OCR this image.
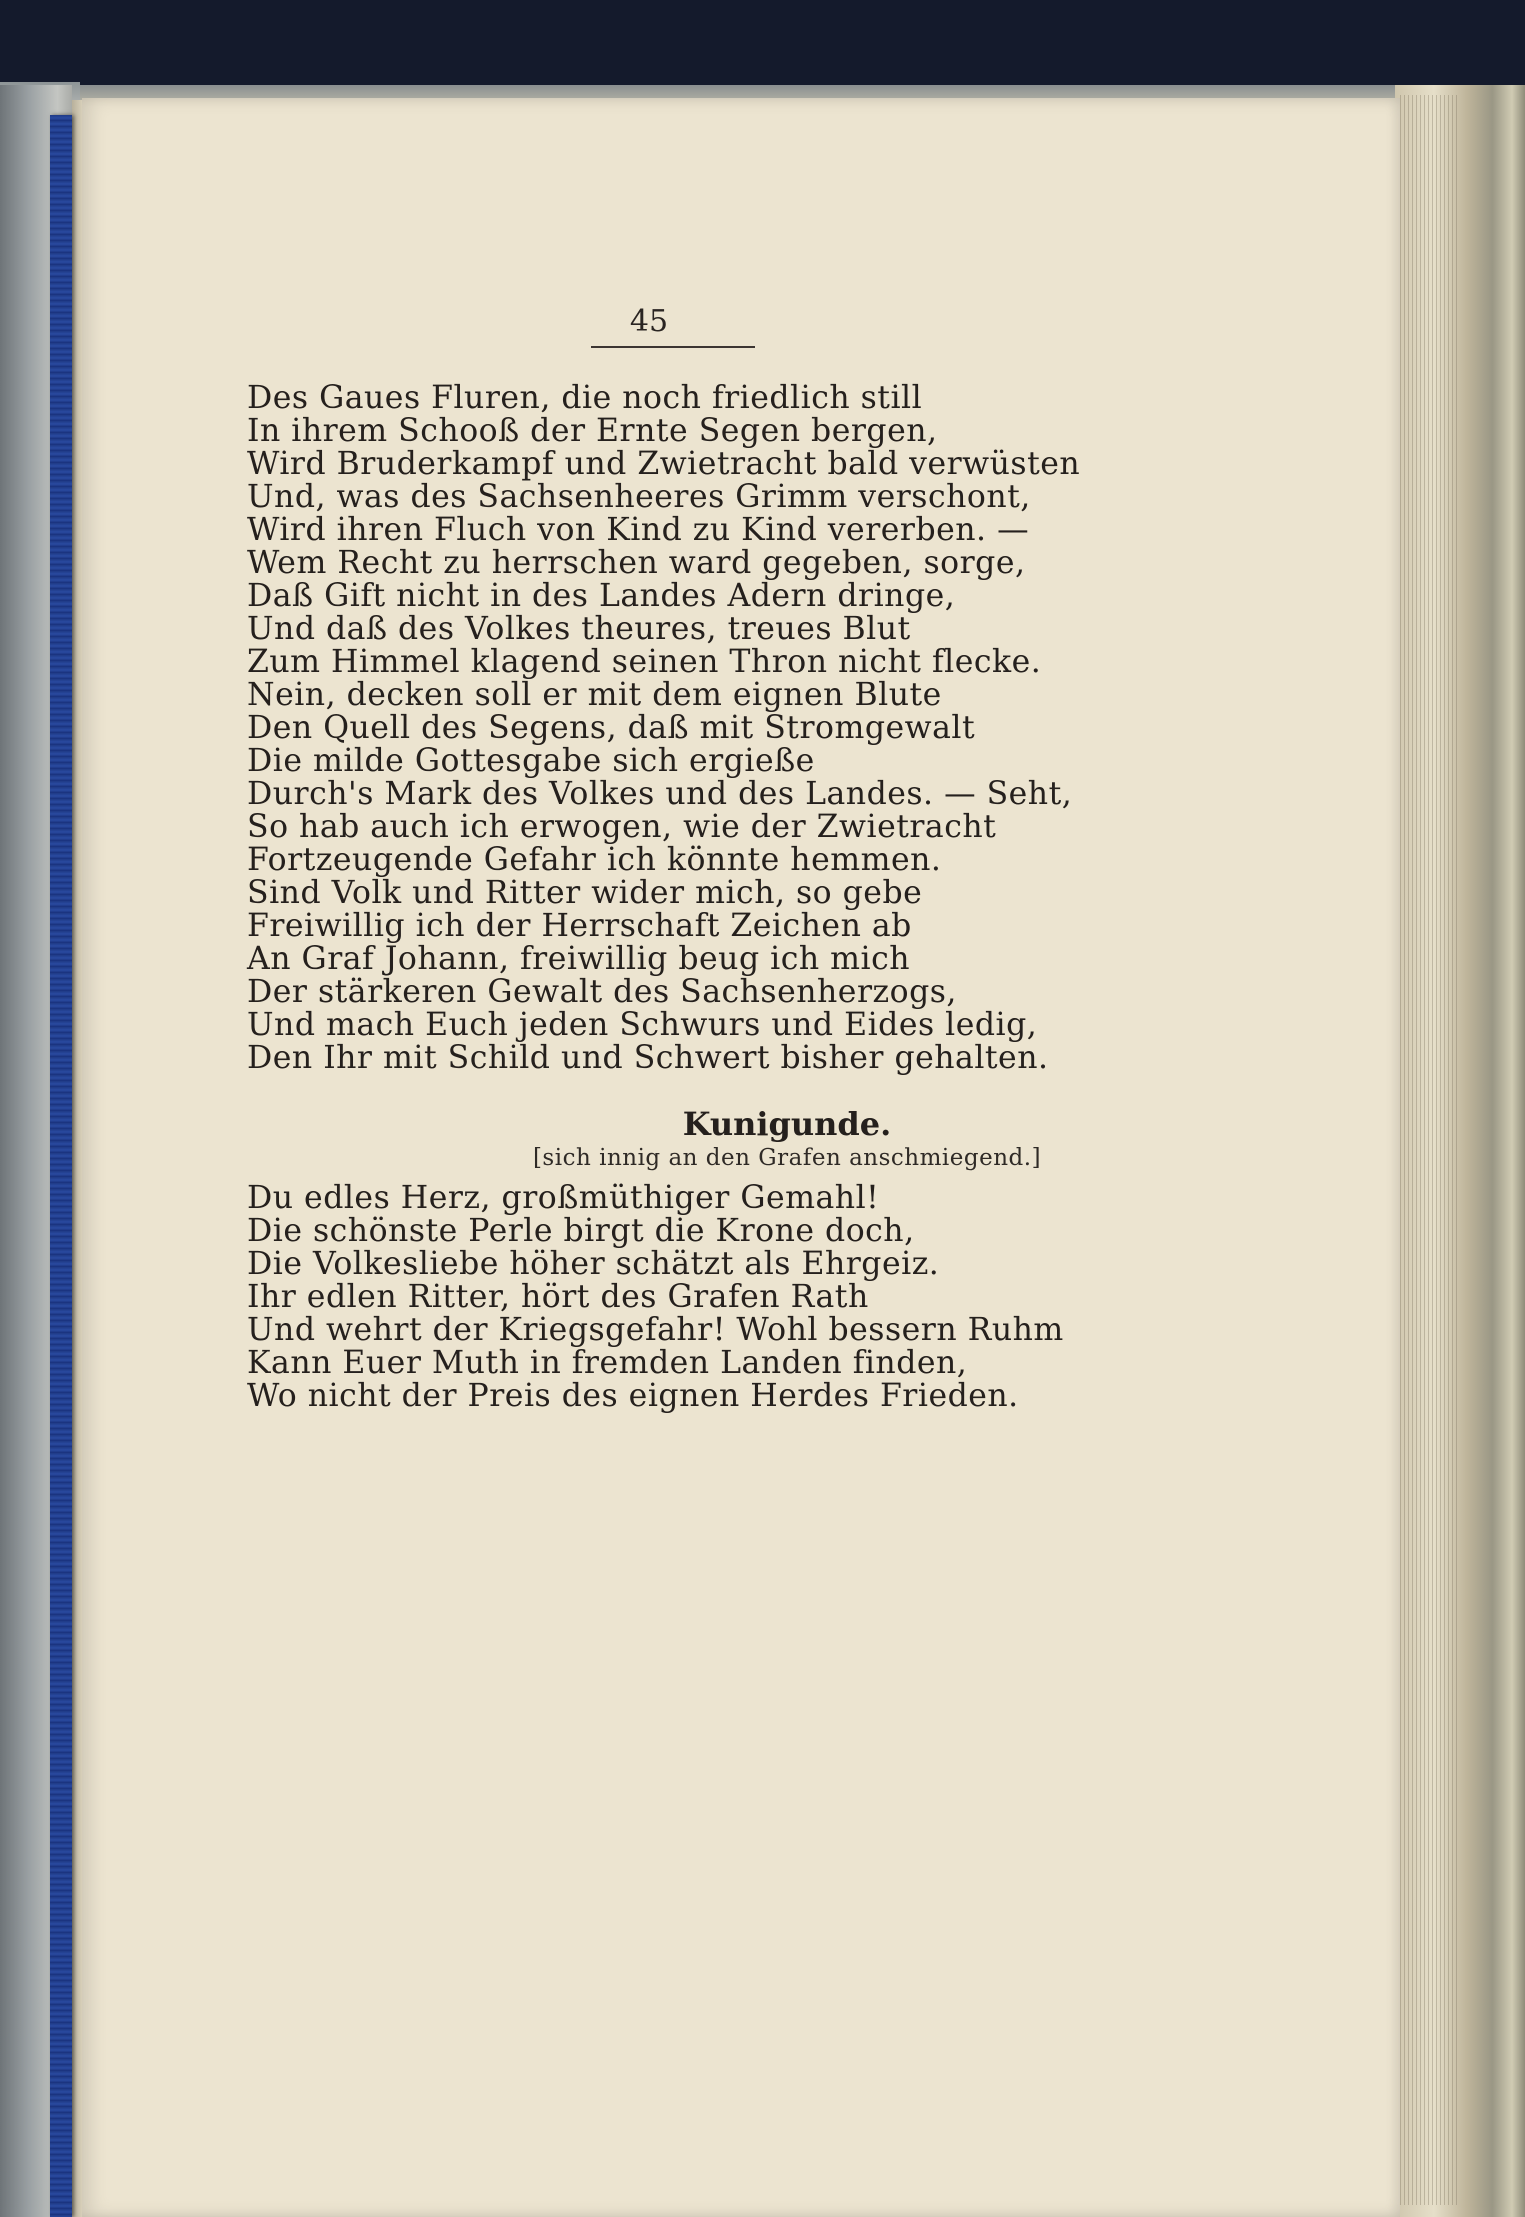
45
Des Gaues Fluren, die noch friedlich still
In ihrem Schooß der Ernte Segen bergen,
Wird Bruderkampf und Zwietracht bald verwüsten
Und, was des Sachsenheeres Grimm verschont,
Wird ihren Fluch von Kind zu Kind vererben. —
Wem Recht zu herrschen ward gegeben, sorge,
Daß Gift nicht in des Landes Adern dringe,
Und daß des Volkes theures, treues Blut
Zum Himmel klagend seinen Thron nicht flecke.
Nein, decken soll er mit dem eignen Blute
Den Quell des Segens, daß mit Stromgewalt
Die milde Gottesgabe sich ergieße
Durch's Mark des Volkes und des Landes. — Seht,
So hab auch ich erwogen, wie der Zwietracht
Fortzeugende Gefahr ich könnte hemmen.
Sind Volk und Ritter wider mich, so gebe
Freiwillig ich der Herrschaft Zeichen ab
An Graf Johann, freiwillig beug ich mich
Der stärkeren Gewalt des Sachsenherzogs,
Und mach Euch jeden Schwurs und Eides ledig,
Den Ihr mit Schild und Schwert bisher gehalten.
Kunigunde.
[sich innig an den Grafen anschmiegend.]
Du edles Herz, großmüthiger Gemahl!
Die schönste Perle birgt die Krone doch,
Die Volkesliebe höher schätzt als Ehrgeiz.
Ihr edlen Ritter, hört des Grafen Rath
Und wehrt der Kriegsgefahr! Wohl bessern Ruhm
Kann Euer Muth in fremden Landen finden,
Wo nicht der Preis des eignen Herdes Frieden.
